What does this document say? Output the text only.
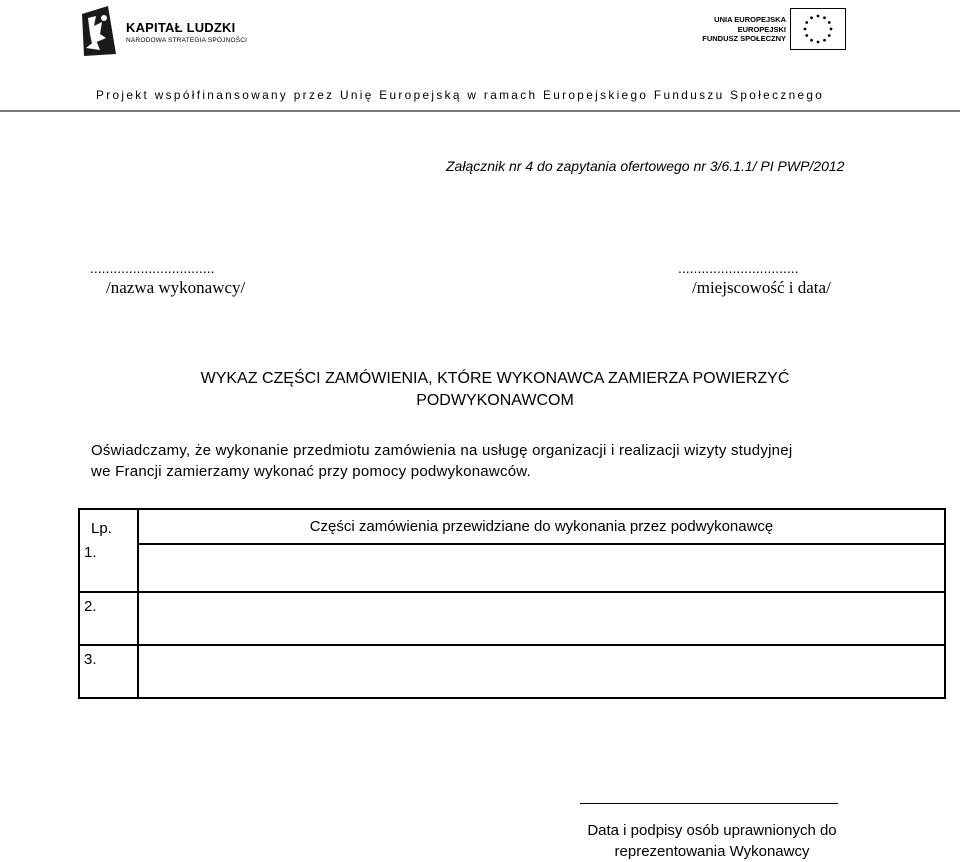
KAPITAŁ LUDZKI
NARODOWA STRATEGIA SPÓJNOŚCI
UNIA EUROPEJSKA
EUROPEJSKI
FUNDUSZ SPOŁECZNY
Projekt współfinansowany przez Unię Europejską w ramach Europejskiego Funduszu Społecznego
Załącznik nr 4 do zapytania ofertowego nr 3/6.1.1/ PI PWP/2012
................................
/nazwa wykonawcy/
...............................
/miejscowość i data/
WYKAZ CZĘŚCI ZAMÓWIENIA, KTÓRE WYKONAWCA ZAMIERZA POWIERZYĆ
PODWYKONAWCOM
Oświadczamy, że wykonanie przedmiotu zamówienia na usługę organizacji i realizacji wizyty studyjnej
we Francji zamierzamy wykonać przy pomocy podwykonawców.
Lp.	Części zamówienia przewidziane do wykonania przez podwykonawcę
1.	
2.	
3.	
Data i podpisy osób uprawnionych do
reprezentowania Wykonawcy
